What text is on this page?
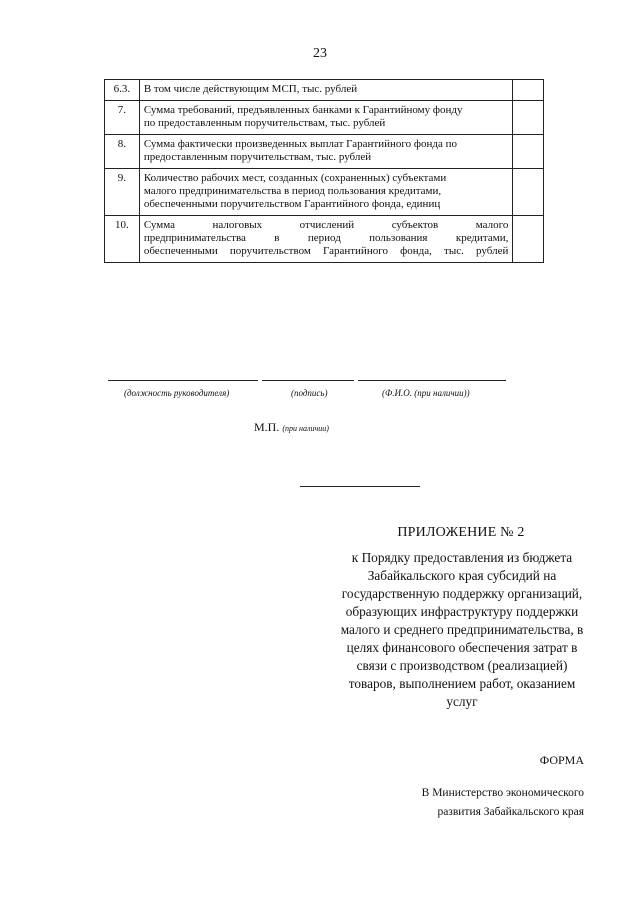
23
6.3.	В том числе действующим МСП, тыс. рублей	

7.	Сумма требований, предъявленных банками к Гарантийному фонду
по предоставленным поручительствам, тыс. рублей	

8.	Сумма фактически произведенных выплат Гарантийного фонда по
предоставленным поручительствам, тыс. рублей	

9.	Количество рабочих мест, созданных (сохраненных) субъектами
малого предпринимательства в период пользования кредитами,
обеспеченными поручительством Гарантийного фонда, единиц	

10.	Сумма налоговых отчислений субъектов малого
предпринимательства в период пользования кредитами,
обеспеченными поручительством Гарантийного фонда, тыс. рублей	

(должность руководителя)	(подпись)	(Ф.И.О. (при наличии))
М.П. (при наличии)
ПРИЛОЖЕНИЕ № 2
к Порядку предоставления из бюджета Забайкальского края субсидий на государственную поддержку организаций, образующих инфраструктуру поддержки малого и среднего предпринимательства, в целях финансового обеспечения затрат в связи с производством (реализацией) товаров, выполнением работ, оказанием услуг
ФОРМА
В Министерство экономического
развития Забайкальского края
